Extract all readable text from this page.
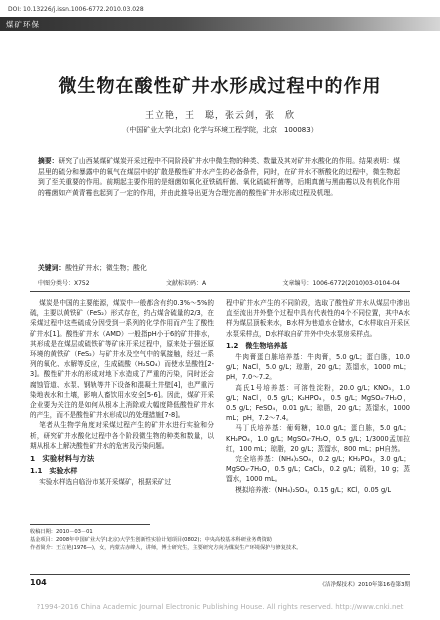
DOI: 10.13226/j.issn.1006-6772.2010.03.028
煤矿环保
微生物在酸性矿井水形成过程中的作用
王立艳，王　聪，张云剑，张　欣
（中国矿业大学(北京) 化学与环境工程学院，北京　100083）
摘要：研究了山西某煤矿煤炭开采过程中不同阶段矿井水中微生物的种类、数量及其对矿井水酸化的作用。结果表明：煤层里的硫分和暴露中的氧气在煤层中的扩散是酸性矿井水产生的必备条件，同时，在矿井水不断酸化的过程中，微生物起到了至关重要的作用。前期起主要作用的是细菌如氧化亚铁硫杆菌、氧化硫硫杆菌等，后期真菌与黑曲霉以及有机化作用的霉菌如产黄青霉也起到了一定的作用，并由此推导出更为合理完善的酸性矿井水形成过程及机理。
关键词：酸性矿井水；微生物；酸化
中图分类号：X752	文献标识码：A	文章编号：1006-6772(2010)03-0104-04

煤炭是中国的主要能源，煤炭中一般都含有约0.3%～5%的硫，主要以黄铁矿（FeS₂）形式存在，约占煤含硫量的2/3，在采煤过程中这些硫成分因受到一系列的化学作用而产生了酸性矿井水[1]。酸性矿井水（AMD）一般指pH小于6的矿井排水，其形成是在煤层或硫铁矿等矿床开采过程中，原来处于强还原环境的黄铁矿（FeS₂）与矿井水及空气中的氧接触，经过一系列的氧化、水解等反应，生成硫酸（H₂SO₄）而使水呈酸性[2-3]。酸性矿井水的形成对地下水造成了严重的污染，同时还会腐蚀管道、水泵、钢轨等井下设备和混凝土井壁[4]，也严重污染地表水和土壤，影响人畜饮用水安全[5-6]。因此，煤矿开采企业要为关注的是如何从根本上消除或大幅度降低酸性矿井水的产生，而不是酸性矿井水形成以的处理措施[7-8]。

笔者从生物学角度对采煤过程产生的矿井水进行实验和分析，研究矿井水酸化过程中各个阶段微生物的种类和数量，以期从根本上解决酸性矿井水的危害及污染问题。

1　实验材料与方法
1.1　实验水样

实验水样选自临汾市某开采煤矿，根据采矿过

程中矿井水产生的不同阶段，选取了酸性矿井水从煤层中渗出直至流出井外整个过程中具有代表性的4个不同位置，其中A水样为煤层顶板来水，B水样为巷道水仓储水，C水样取自开采区水泵采样点，D水样取自矿井外中央水泵房采样点。

1.2　微生物培养基

牛肉膏蛋白胨培养基：牛肉膏，5.0 g/L；蛋白胨，10.0 g/L；NaCl，5.0 g/L；琼脂，20 g/L；蒸馏水，1000 mL；pH，7.0～7.2。

高氏1号培养基：可溶性淀粉，20.0 g/L；KNO₃，1.0 g/L；NaCl，0.5 g/L；K₂HPO₄，0.5 g/L；MgSO₄·7H₂O，0.5 g/L；FeSO₄，0.01 g/L；琼脂，20 g/L；蒸馏水，1000 mL；pH，7.2～7.4。

马丁氏培养基：葡萄糖，10.0 g/L；蛋白胨，5.0 g/L；KH₂PO₄，1.0 g/L；MgSO₄·7H₂O，0.5 g/L；1/3000孟加拉红，100 mL；琼脂，20 g/L；蒸馏水，800 mL；pH自然。

完全培养基：(NH₄)₂SO₄，0.2 g/L；KH₂PO₄，3.0 g/L；MgSO₄·7H₂O，0.5 g/L；CaCl₂，0.2 g/L；硫粉，10 g；蒸馏水，1000 mL。

模拟培养液：(NH₄)₂SO₄，0.15 g/L；KCl，0.05 g/L

收稿日期：2010－03－01
基金项目：2008年中国矿业大学(北京)大学生创新性实验计划项目(0802)；中央高校基本科研业务费资助
作者简介：王立艳(1976—)，女，内蒙古赤峰人，讲师，博士研究生，主要研究方向为煤炭生产环境保护与修复技术。
104	《洁净煤技术》2010年第16卷第3期
?1994-2016 China Academic Journal Electronic Publishing House. All rights reserved. http://www.cnki.net
